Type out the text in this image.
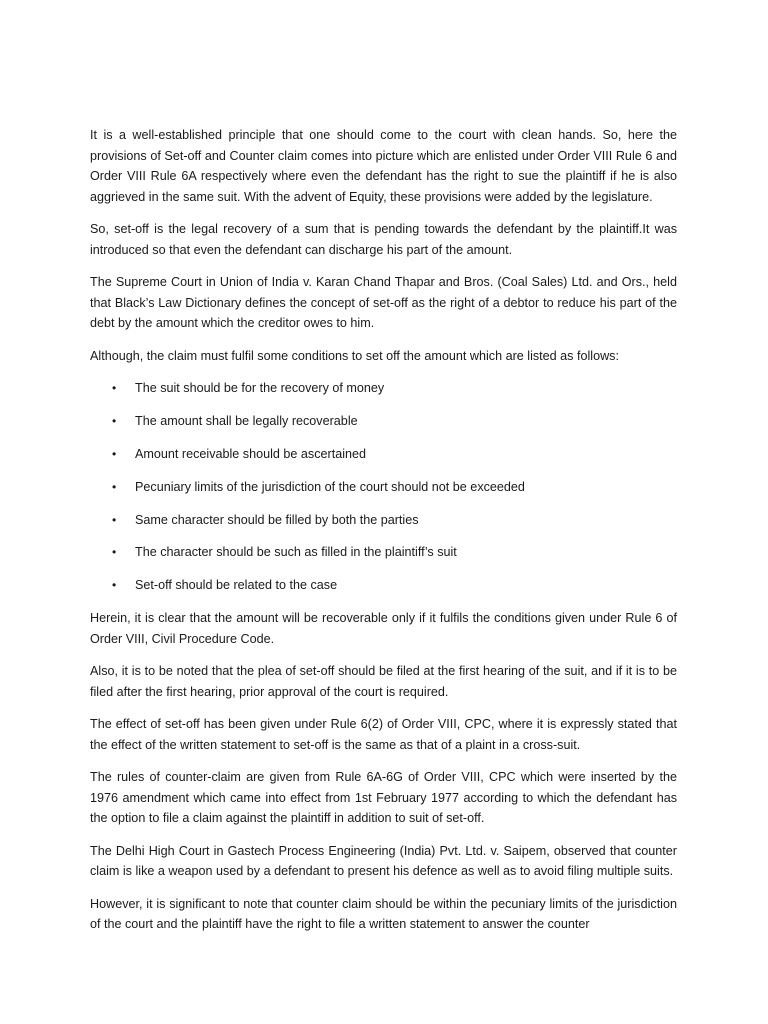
It is a well-established principle that one should come to the court with clean hands. So, here the provisions of Set-off and Counter claim comes into picture which are enlisted under Order VIII Rule 6 and Order VIII Rule 6A respectively where even the defendant has the right to sue the plaintiff if he is also aggrieved in the same suit. With the advent of Equity, these provisions were added by the legislature.

So, set-off is the legal recovery of a sum that is pending towards the defendant by the plaintiff.It was introduced so that even the defendant can discharge his part of the amount.

The Supreme Court in Union of India v. Karan Chand Thapar and Bros. (Coal Sales) Ltd. and Ors., held that Black’s Law Dictionary defines the concept of set-off as the right of a debtor to reduce his part of the debt by the amount which the creditor owes to him.

Although, the claim must fulfil some conditions to set off the amount which are listed as follows:

• The suit should be for the recovery of money
• The amount shall be legally recoverable
• Amount receivable should be ascertained
• Pecuniary limits of the jurisdiction of the court should not be exceeded
• Same character should be filled by both the parties
• The character should be such as filled in the plaintiff’s suit
• Set-off should be related to the case

Herein, it is clear that the amount will be recoverable only if it fulfils the conditions given under Rule 6 of Order VIII, Civil Procedure Code.

Also, it is to be noted that the plea of set-off should be filed at the first hearing of the suit, and if it is to be filed after the first hearing, prior approval of the court is required.

The effect of set-off has been given under Rule 6(2) of Order VIII, CPC, where it is expressly stated that the effect of the written statement to set-off is the same as that of a plaint in a cross-suit.

The rules of counter-claim are given from Rule 6A-6G of Order VIII, CPC which were inserted by the 1976 amendment which came into effect from 1st February 1977 according to which the defendant has the option to file a claim against the plaintiff in addition to suit of set-off.

The Delhi High Court in Gastech Process Engineering (India) Pvt. Ltd. v. Saipem, observed that counter claim is like a weapon used by a defendant to present his defence as well as to avoid filing multiple suits.

However, it is significant to note that counter claim should be within the pecuniary limits of the jurisdiction of the court and the plaintiff have the right to file a written statement to answer the counter
